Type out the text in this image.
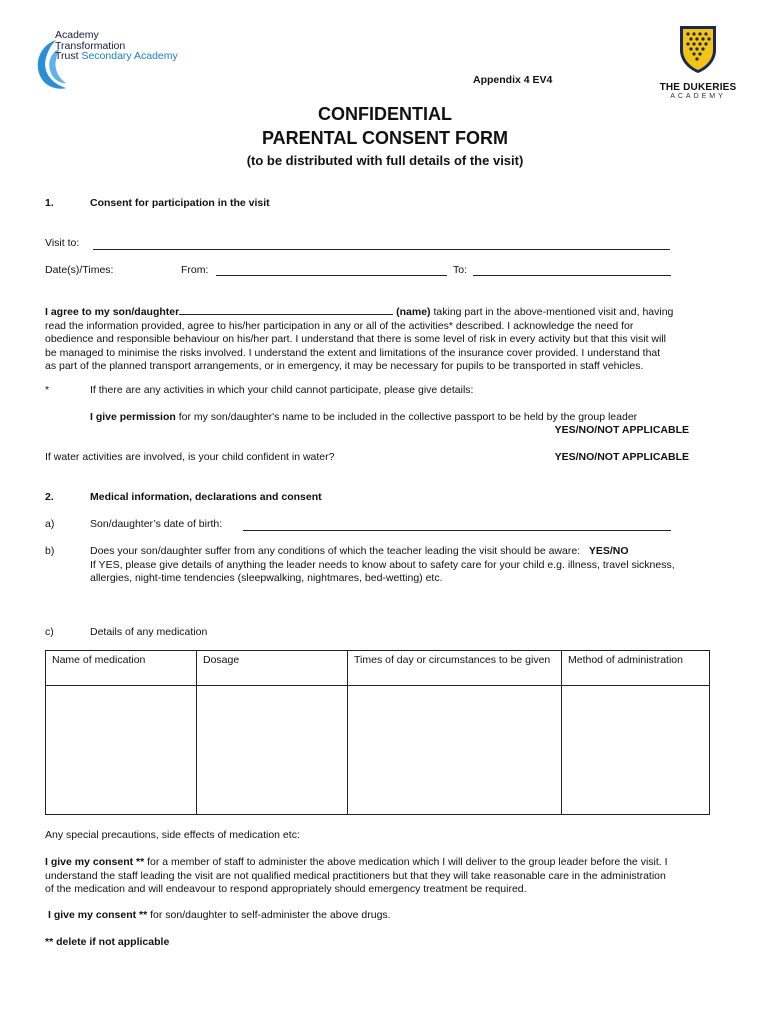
Academy
Transformation
Trust Secondary Academy
THE DUKERIES
ACADEMY
Appendix 4 EV4
CONFIDENTIAL
PARENTAL CONSENT FORM
(to be distributed with full details of the visit)
1.	Consent for participation in the visit
Visit to:
Date(s)/Times:	From:	To:
I agree to my son/daughter	(name) taking part in the above-mentioned visit and, having
read the information provided, agree to his/her participation in any or all of the activities* described. I acknowledge the need for
obedience and responsible behaviour on his/her part. I understand that there is some level of risk in every activity but that this visit will
be managed to minimise the risks involved. I understand the extent and limitations of the insurance cover provided. I understand that
as part of the planned transport arrangements, or in emergency, it may be necessary for pupils to be transported in staff vehicles.
*	If there are any activities in which your child cannot participate, please give details:
I give permission for my son/daughter's name to be included in the collective passport to be held by the group leader
YES/NO/NOT APPLICABLE
If water activities are involved, is your child confident in water?	YES/NO/NOT APPLICABLE
2.	Medical information, declarations and consent
a)	Son/daughter’s date of birth:
b)	Does your son/daughter suffer from any conditions of which the teacher leading the visit should be aware: YES/NO
If YES, please give details of anything the leader needs to know about to safety care for your child e.g. illness, travel sickness,
allergies, night-time tendencies (sleepwalking, nightmares, bed-wetting) etc.
c)	Details of any medication
Name of medication	Dosage	Times of day or circumstances to be given	Method of administration

Any special precautions, side effects of medication etc:
I give my consent ** for a member of staff to administer the above medication which I will deliver to the group leader before the visit. I
understand the staff leading the visit are not qualified medical practitioners but that they will take reasonable care in the administration
of the medication and will endeavour to respond appropriately should emergency treatment be required.
I give my consent ** for son/daughter to self-administer the above drugs.
** delete if not applicable
